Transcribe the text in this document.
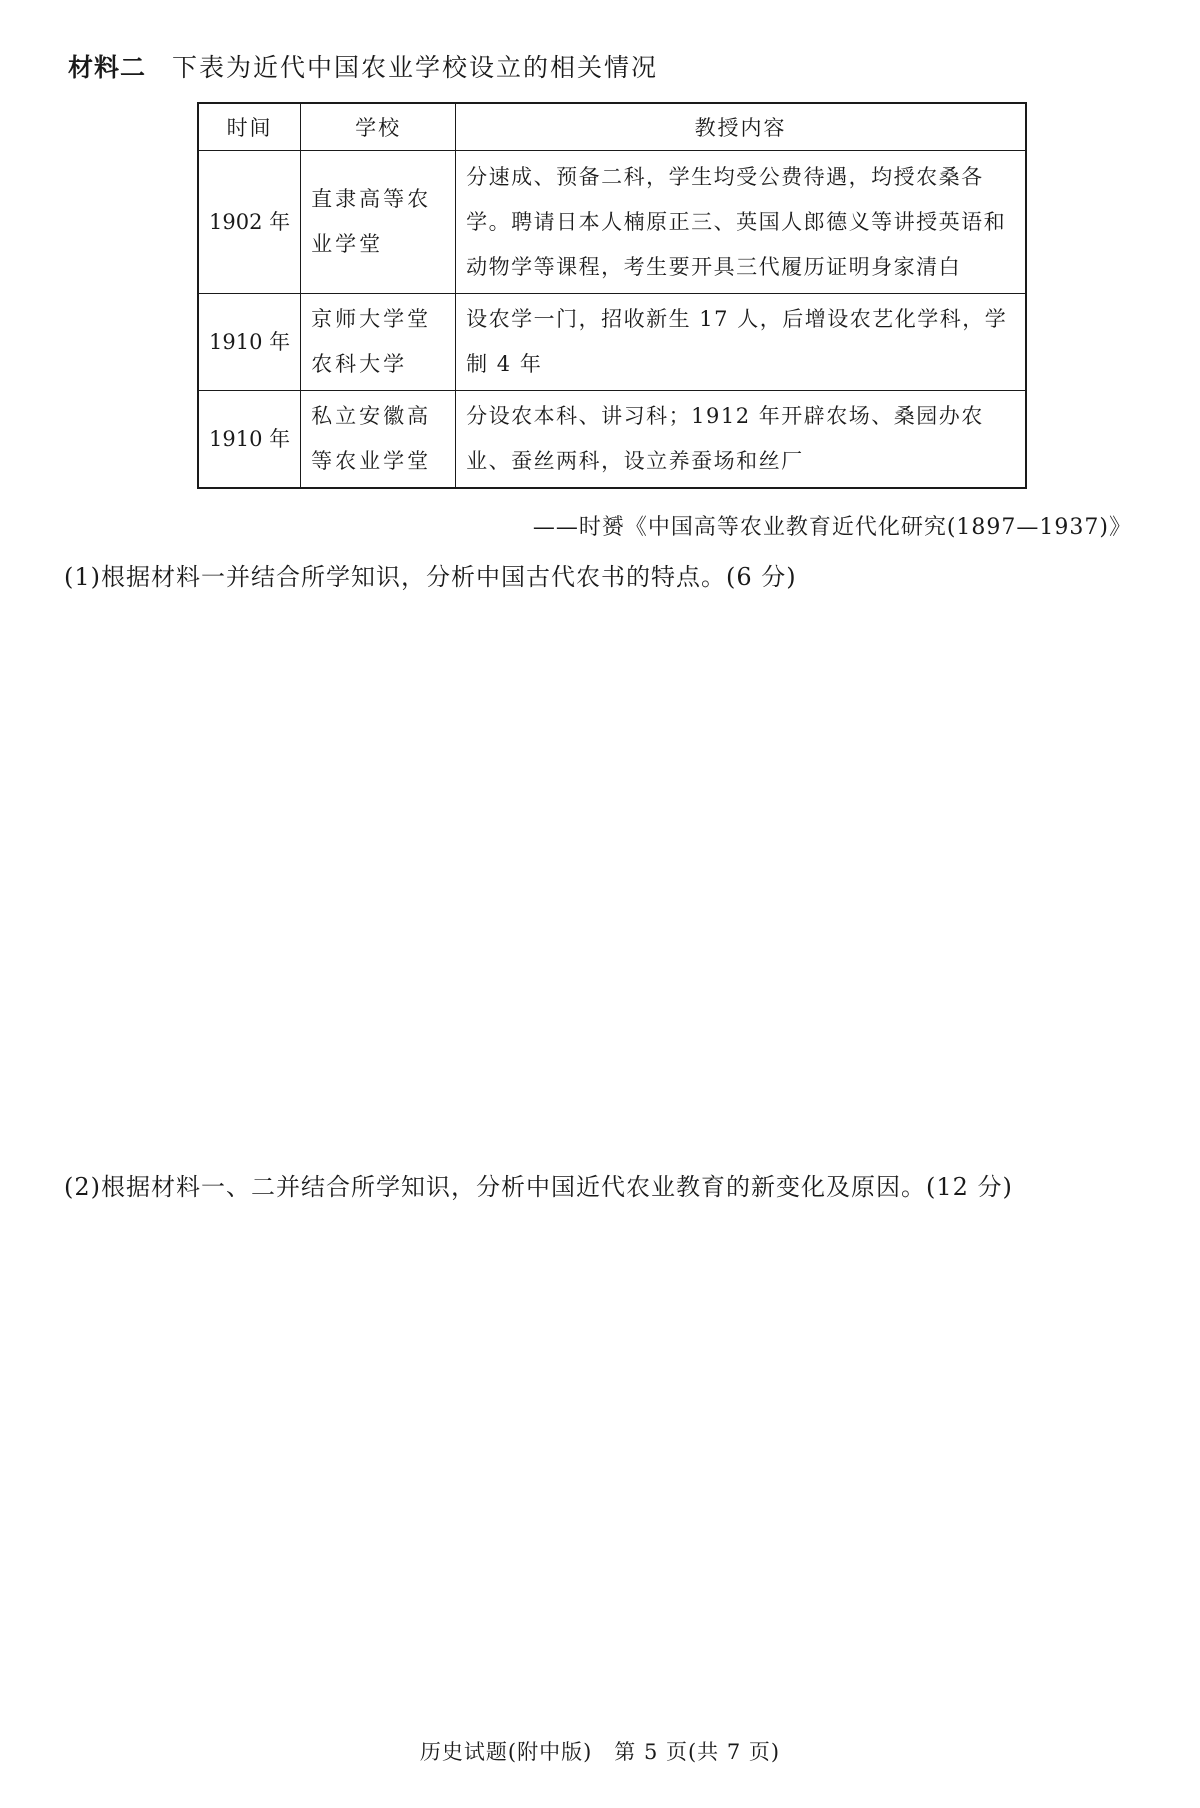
材料二 下表为近代中国农业学校设立的相关情况
时间	学校	教授内容
1902 年	直隶高等农业学堂	分速成、预备二科，学生均受公费待遇，均授农桑各学。聘请日本人楠原正三、英国人郎德义等讲授英语和动物学等课程，考生要开具三代履历证明身家清白
1910 年	京师大学堂农科大学	设农学一门，招收新生 17 人，后增设农艺化学科，学制 4 年
1910 年	私立安徽高等农业学堂	分设农本科、讲习科；1912 年开辟农场、桑园办农业、蚕丝两科，设立养蚕场和丝厂
——时赟《中国高等农业教育近代化研究(1897—1937)》
(1)根据材料一并结合所学知识，分析中国古代农书的特点。(6 分)
(2)根据材料一、二并结合所学知识，分析中国近代农业教育的新变化及原因。(12 分)
历史试题(附中版)　第 5 页(共 7 页)
